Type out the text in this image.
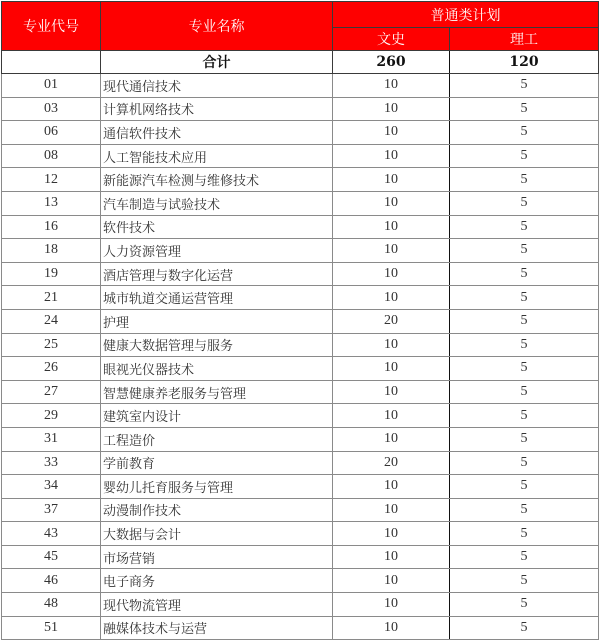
专业代号	专业名称	普通类计划	
		文史	理工
	合计	260	120
01	现代通信技术	10	5
03	计算机网络技术	10	5
06	通信软件技术	10	5
08	人工智能技术应用	10	5
12	新能源汽车检测与维修技术	10	5
13	汽车制造与试验技术	10	5
16	软件技术	10	5
18	人力资源管理	10	5
19	酒店管理与数字化运营	10	5
21	城市轨道交通运营管理	10	5
24	护理	20	5
25	健康大数据管理与服务	10	5
26	眼视光仪器技术	10	5
27	智慧健康养老服务与管理	10	5
29	建筑室内设计	10	5
31	工程造价	10	5
33	学前教育	20	5
34	婴幼儿托育服务与管理	10	5
37	动漫制作技术	10	5
43	大数据与会计	10	5
45	市场营销	10	5
46	电子商务	10	5
48	现代物流管理	10	5
51	融媒体技术与运营	10	5
